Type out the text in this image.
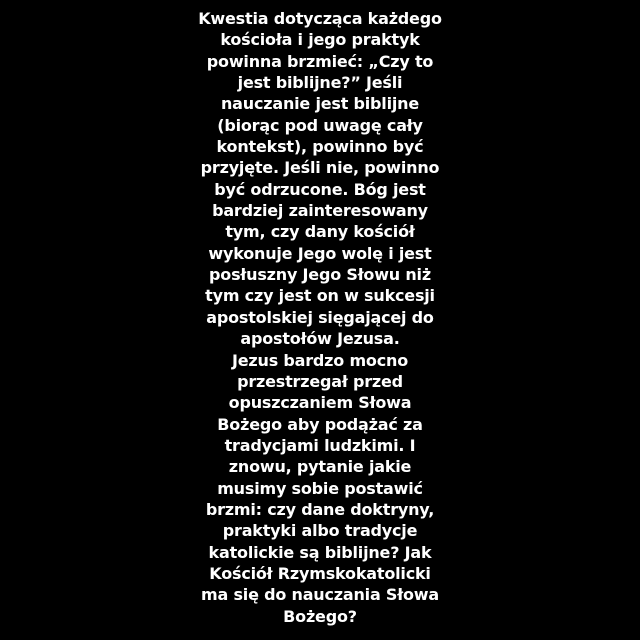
Kwestia dotycząca każdego
kościoła i jego praktyk
powinna brzmieć: „Czy to
jest biblijne?” Jeśli
nauczanie jest biblijne
(biorąc pod uwagę cały
kontekst), powinno być
przyjęte. Jeśli nie, powinno
być odrzucone. Bóg jest
bardziej zainteresowany
tym, czy dany kościół
wykonuje Jego wolę i jest
posłuszny Jego Słowu niż
tym czy jest on w sukcesji
apostolskiej sięgającej do
apostołów Jezusa.
Jezus bardzo mocno
przestrzegał przed
opuszczaniem Słowa
Bożego aby podążać za
tradycjami ludzkimi. I
znowu, pytanie jakie
musimy sobie postawić
brzmi: czy dane doktryny,
praktyki albo tradycje
katolickie są biblijne? Jak
Kościół Rzymskokatolicki
ma się do nauczania Słowa
Bożego?
